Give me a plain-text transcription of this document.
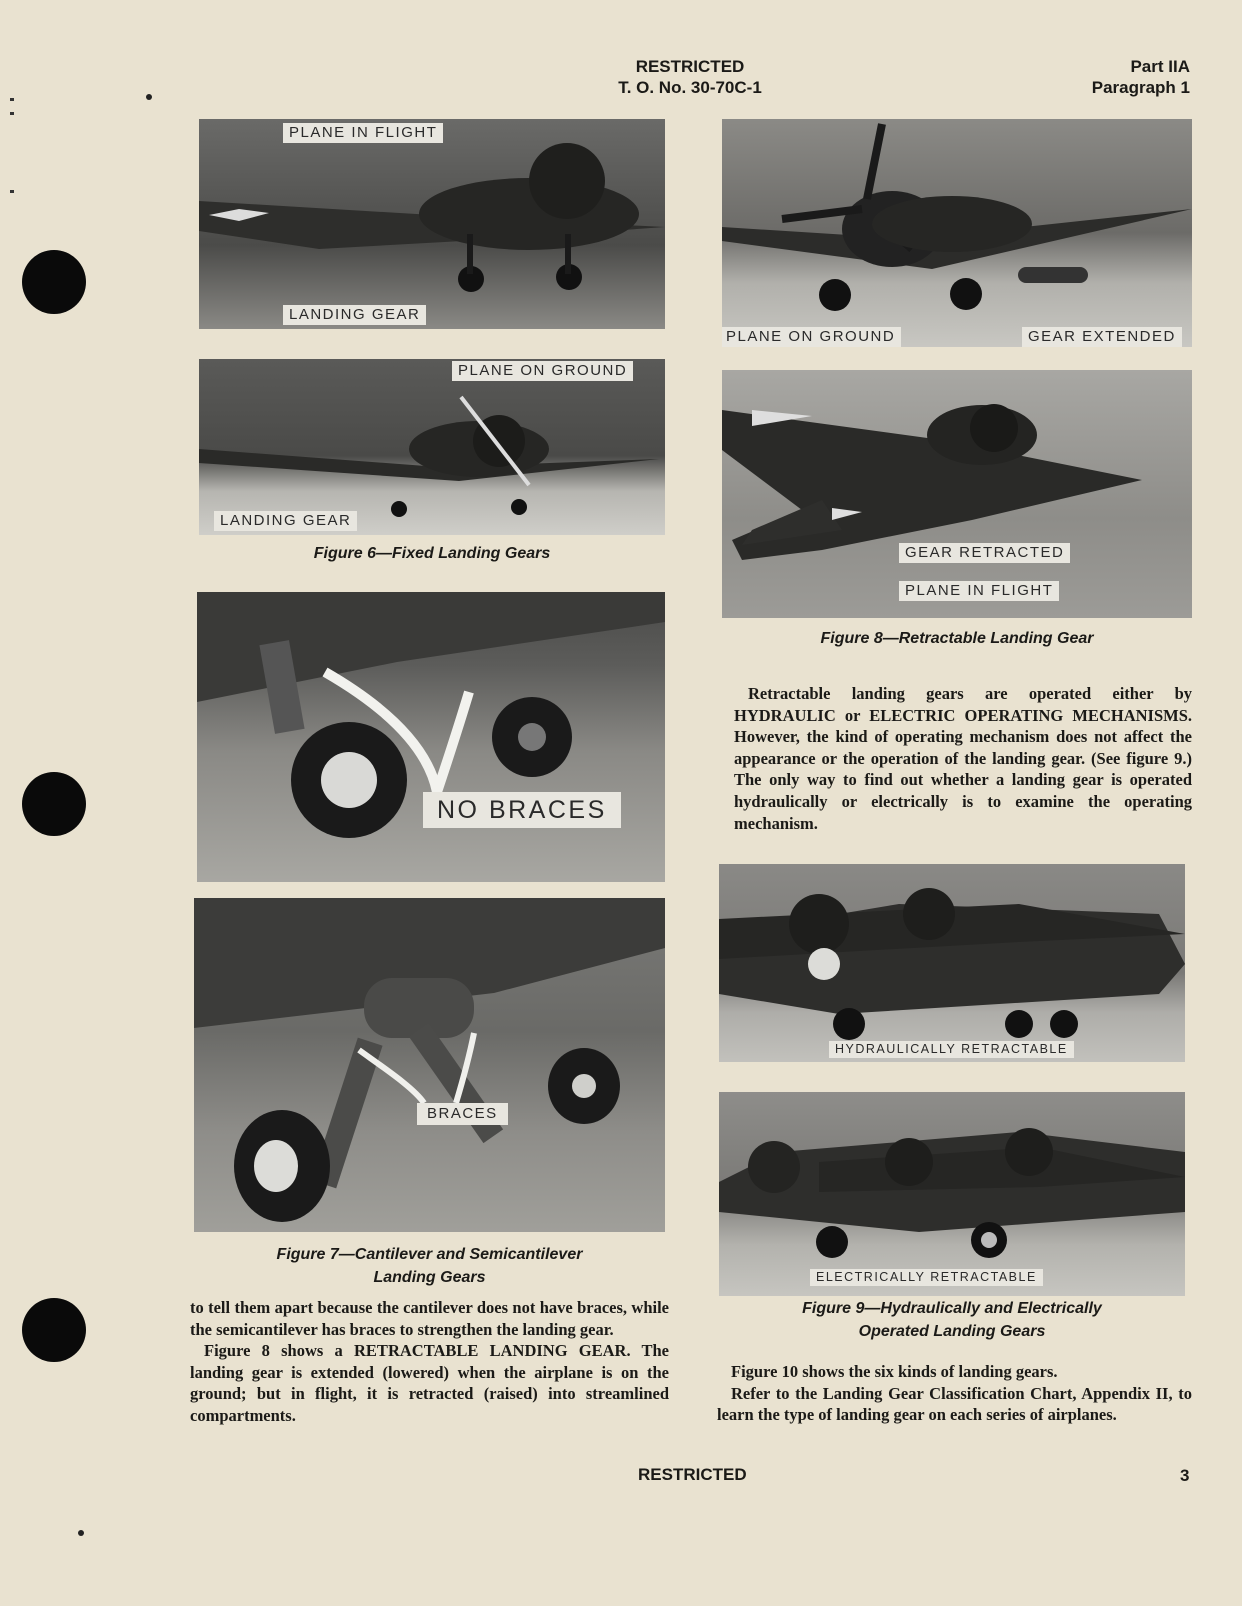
RESTRICTED
T. O. No. 30-70C-1
Part IIA
Paragraph 1
PLANE IN FLIGHT
LANDING GEAR
PLANE ON GROUND
LANDING GEAR
Figure 6—Fixed Landing Gears
NO BRACES
BRACES
Figure 7—Cantilever and Semicantilever
Landing Gears

to tell them apart because the cantilever does not have braces, while the semicantilever has braces to strengthen the landing gear.

Figure 8 shows a RETRACTABLE LANDING GEAR. The landing gear is extended (lowered) when the airplane is on the ground; but in flight, it is retracted (raised) into streamlined compartments.

PLANE ON GROUND	GEAR EXTENDED
GEAR RETRACTED
PLANE IN FLIGHT
Figure 8—Retractable Landing Gear

Retractable landing gears are operated either by HYDRAULIC or ELECTRIC OPERATING MECHANISMS. However, the kind of operating mechanism does not affect the appearance or the operation of the landing gear. (See figure 9.) The only way to find out whether a landing gear is operated hydraulically or electrically is to examine the operating mechanism.

HYDRAULICALLY RETRACTABLE
ELECTRICALLY RETRACTABLE
Figure 9—Hydraulically and Electrically
Operated Landing Gears

Figure 10 shows the six kinds of landing gears.

Refer to the Landing Gear Classification Chart, Appendix II, to learn the type of landing gear on each series of airplanes.

RESTRICTED	3
